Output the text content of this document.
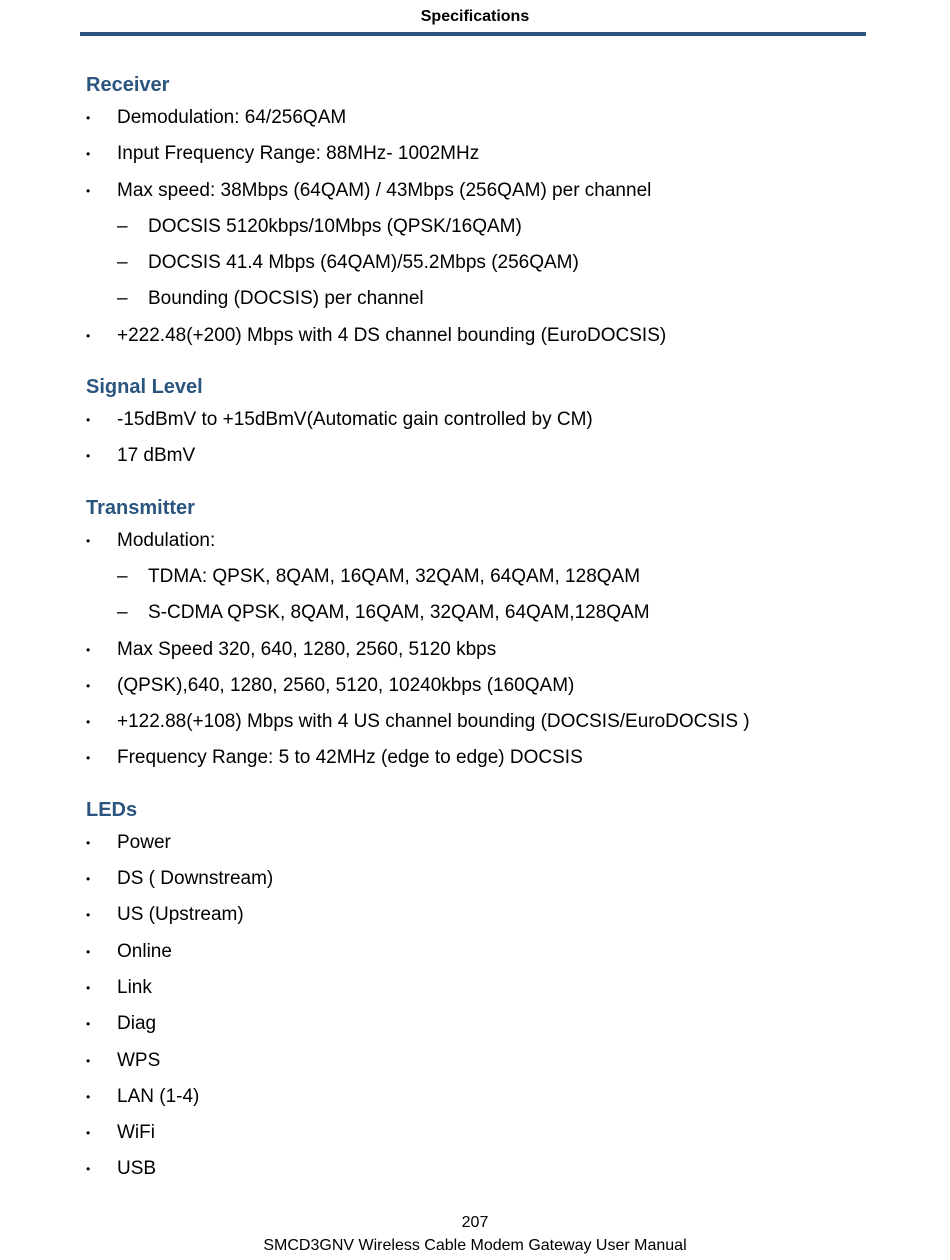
Specifications
Receiver
•	Demodulation: 64/256QAM
•	Input Frequency Range: 88MHz- 1002MHz
•	Max speed: 38Mbps (64QAM) / 43Mbps (256QAM) per channel
–	DOCSIS 5120kbps/10Mbps (QPSK/16QAM)
–	DOCSIS 41.4 Mbps (64QAM)/55.2Mbps (256QAM)
–	Bounding (DOCSIS) per channel
•	+222.48(+200) Mbps with 4 DS channel bounding (EuroDOCSIS)
Signal Level
•	-15dBmV to +15dBmV(Automatic gain controlled by CM)
•	17 dBmV
Transmitter
•	Modulation:
–	TDMA: QPSK, 8QAM, 16QAM, 32QAM, 64QAM, 128QAM
–	S-CDMA QPSK, 8QAM, 16QAM, 32QAM, 64QAM,128QAM
•	Max Speed 320, 640, 1280, 2560, 5120 kbps
•	(QPSK),640, 1280, 2560, 5120, 10240kbps (160QAM)
•	+122.88(+108) Mbps with 4 US channel bounding (DOCSIS/EuroDOCSIS )
•	Frequency Range: 5 to 42MHz (edge to edge) DOCSIS
LEDs
•	Power
•	DS ( Downstream)
•	US (Upstream)
•	Online
•	Link
•	Diag
•	WPS
•	LAN (1-4)
•	WiFi
•	USB
207
SMCD3GNV Wireless Cable Modem Gateway User Manual
